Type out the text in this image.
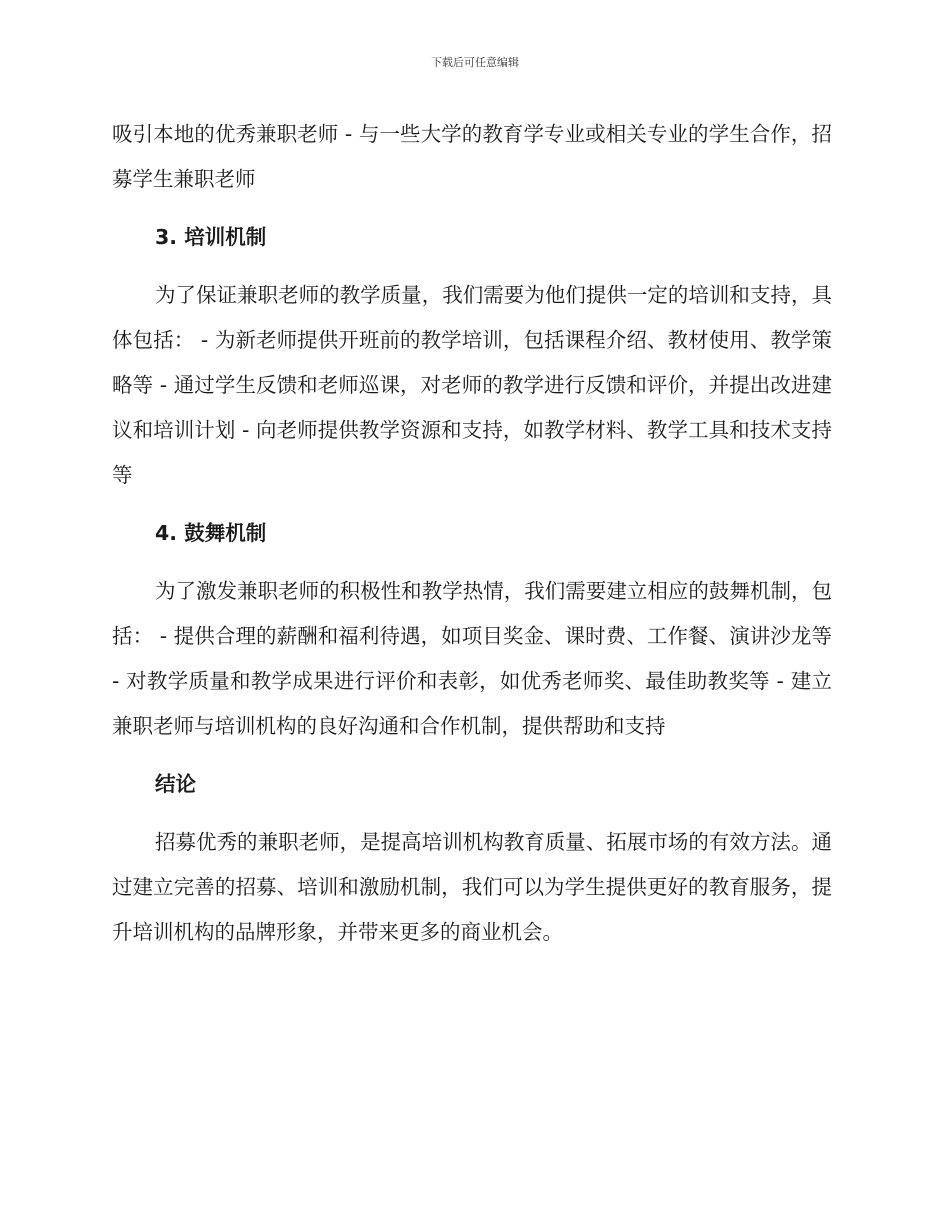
下载后可任意编辑

吸引本地的优秀兼职老师 - 与一些大学的教育学专业或相关专业的学生合作，招募学生兼职老师

3. 培训机制

为了保证兼职老师的教学质量，我们需要为他们提供一定的培训和支持，具体包括： - 为新老师提供开班前的教学培训，包括课程介绍、教材使用、教学策略等 - 通过学生反馈和老师巡课，对老师的教学进行反馈和评价，并提出改进建议和培训计划 - 向老师提供教学资源和支持，如教学材料、教学工具和技术支持等

4. 鼓舞机制

为了激发兼职老师的积极性和教学热情，我们需要建立相应的鼓舞机制，包括： - 提供合理的薪酬和福利待遇，如项目奖金、课时费、工作餐、演讲沙龙等 - 对教学质量和教学成果进行评价和表彰，如优秀老师奖、最佳助教奖等 - 建立兼职老师与培训机构的良好沟通和合作机制，提供帮助和支持

结论

招募优秀的兼职老师，是提高培训机构教育质量、拓展市场的有效方法。通过建立完善的招募、培训和激励机制，我们可以为学生提供更好的教育服务，提升培训机构的品牌形象，并带来更多的商业机会。
